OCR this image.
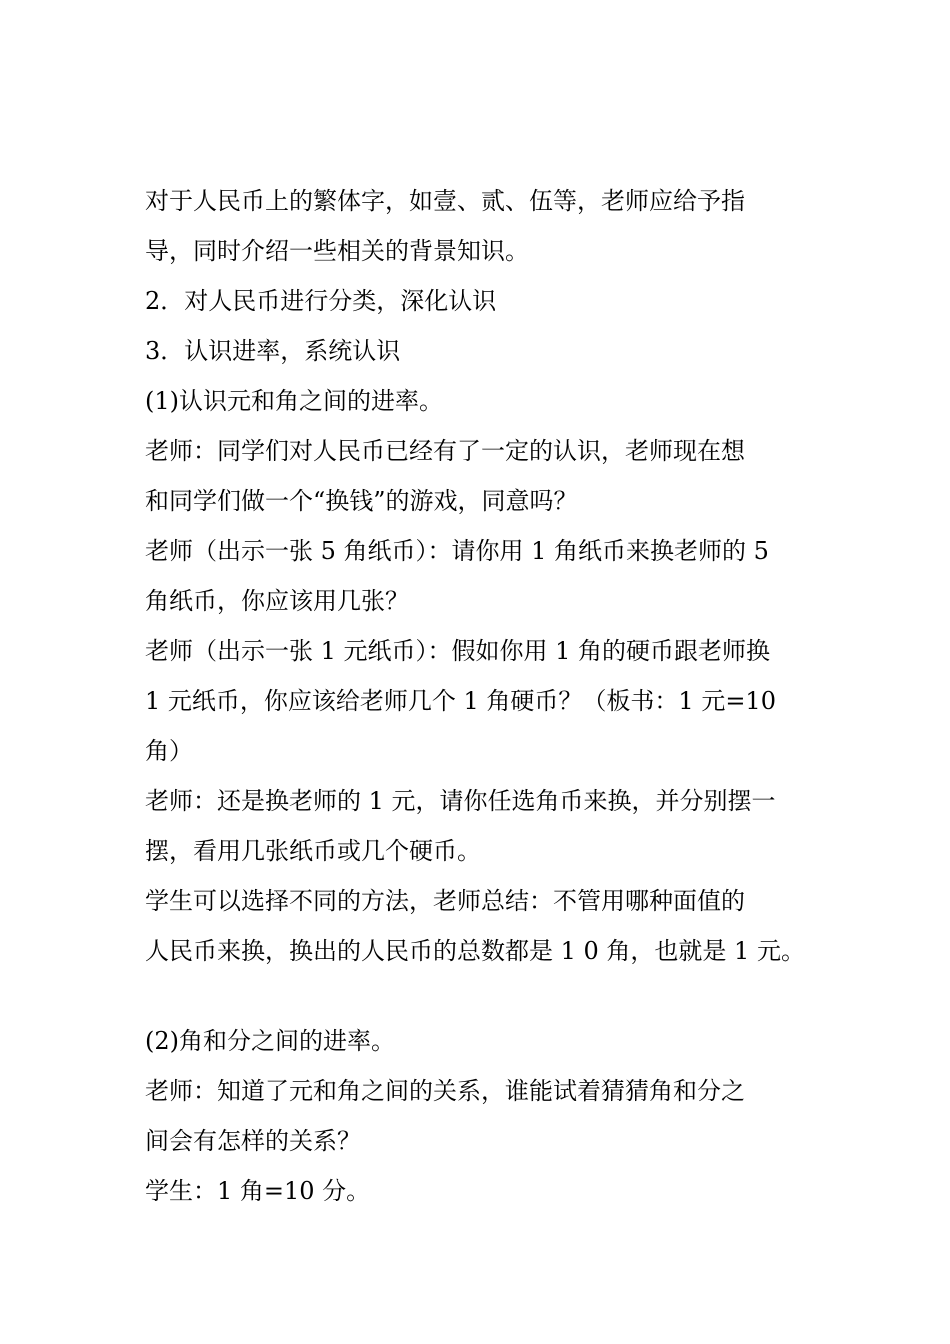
对于人民币上的繁体字，如壹、贰、伍等，老师应给予指
导，同时介绍一些相关的背景知识。
2．对人民币进行分类，深化认识
3．认识进率，系统认识
(1)认识元和角之间的进率。
老师：同学们对人民币已经有了一定的认识，老师现在想
和同学们做一个“换钱”的游戏，同意吗？
老师（出示一张 5 角纸币）：请你用 1 角纸币来换老师的 5
角纸币，你应该用几张？
老师（出示一张 1 元纸币）：假如你用 1 角的硬币跟老师换
1 元纸币，你应该给老师几个 1 角硬币？（板书：1 元=10
角）
老师：还是换老师的 1 元，请你任选角币来换，并分别摆一
摆，看用几张纸币或几个硬币。
学生可以选择不同的方法，老师总结：不管用哪种面值的
人民币来换，换出的人民币的总数都是 1 0 角，也就是 1 元。
(2)角和分之间的进率。
老师：知道了元和角之间的关系，谁能试着猜猜角和分之
间会有怎样的关系？
学生：1 角=10 分。
